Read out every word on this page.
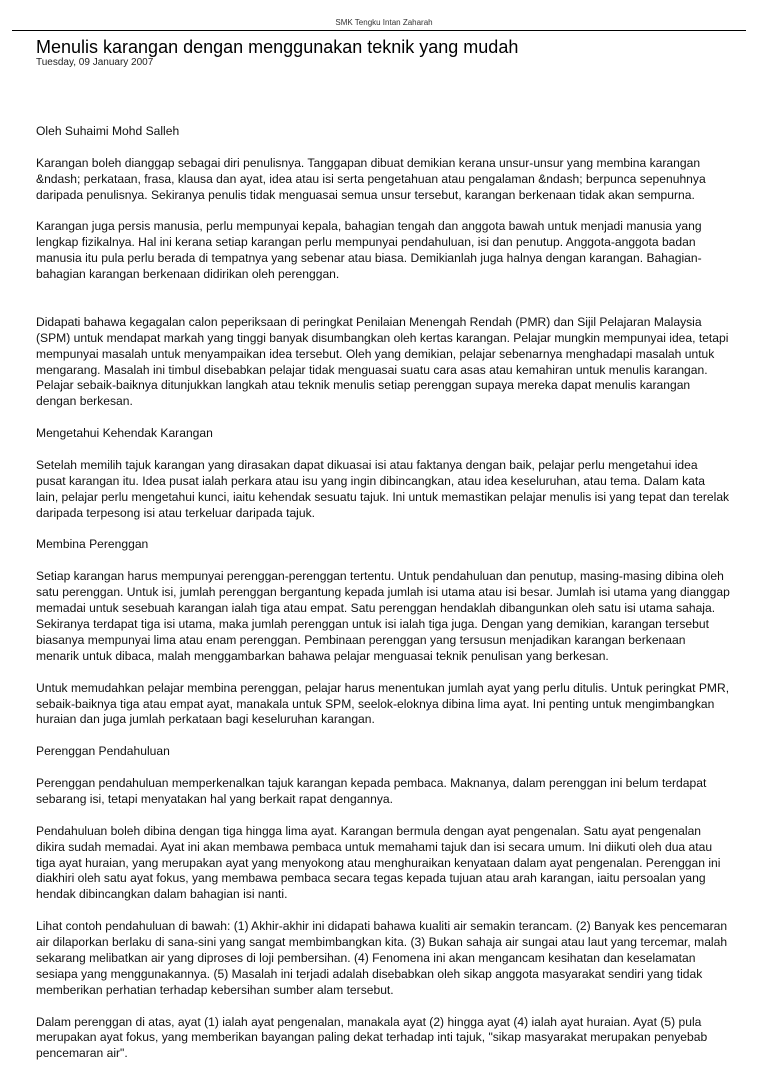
SMK Tengku Intan Zaharah
Menulis karangan dengan menggunakan teknik yang mudah
Tuesday, 09 January 2007

Oleh Suhaimi Mohd Salleh

Karangan boleh dianggap sebagai diri penulisnya. Tanggapan dibuat demikian kerana unsur-unsur yang membina karangan &ndash; perkataan, frasa, klausa dan ayat, idea atau isi serta pengetahuan atau pengalaman &ndash; berpunca sepenuhnya daripada penulisnya. Sekiranya penulis tidak menguasai semua unsur tersebut, karangan berkenaan tidak akan sempurna.

Karangan juga persis manusia, perlu mempunyai kepala, bahagian tengah dan anggota bawah untuk menjadi manusia yang lengkap fizikalnya. Hal ini kerana setiap karangan perlu mempunyai pendahuluan, isi dan penutup. Anggota-anggota badan manusia itu pula perlu berada di tempatnya yang sebenar atau biasa. Demikianlah juga halnya dengan karangan. Bahagian-bahagian karangan berkenaan didirikan oleh perenggan.

Didapati bahawa kegagalan calon peperiksaan di peringkat Penilaian Menengah Rendah (PMR) dan Sijil Pelajaran Malaysia (SPM) untuk mendapat markah yang tinggi banyak disumbangkan oleh kertas karangan. Pelajar mungkin mempunyai idea, tetapi mempunyai masalah untuk menyampaikan idea tersebut. Oleh yang demikian, pelajar sebenarnya menghadapi masalah untuk mengarang. Masalah ini timbul disebabkan pelajar tidak menguasai suatu cara asas atau kemahiran untuk menulis karangan. Pelajar sebaik-baiknya ditunjukkan langkah atau teknik menulis setiap perenggan supaya mereka dapat menulis karangan dengan berkesan.

Mengetahui Kehendak Karangan

Setelah memilih tajuk karangan yang dirasakan dapat dikuasai isi atau faktanya dengan baik, pelajar perlu mengetahui idea pusat karangan itu. Idea pusat ialah perkara atau isu yang ingin dibincangkan, atau idea keseluruhan, atau tema. Dalam kata lain, pelajar perlu mengetahui kunci, iaitu kehendak sesuatu tajuk. Ini untuk memastikan pelajar menulis isi yang tepat dan terelak daripada terpesong isi atau terkeluar daripada tajuk.

Membina Perenggan

Setiap karangan harus mempunyai perenggan-perenggan tertentu. Untuk pendahuluan dan penutup, masing-masing dibina oleh satu perenggan. Untuk isi, jumlah perenggan bergantung kepada jumlah isi utama atau isi besar. Jumlah isi utama yang dianggap memadai untuk sesebuah karangan ialah tiga atau empat. Satu perenggan hendaklah dibangunkan oleh satu isi utama sahaja. Sekiranya terdapat tiga isi utama, maka jumlah perenggan untuk isi ialah tiga juga. Dengan yang demikian, karangan tersebut biasanya mempunyai lima atau enam perenggan. Pembinaan perenggan yang tersusun menjadikan karangan berkenaan menarik untuk dibaca, malah menggambarkan bahawa pelajar menguasai teknik penulisan yang berkesan.

Untuk memudahkan pelajar membina perenggan, pelajar harus menentukan jumlah ayat yang perlu ditulis. Untuk peringkat PMR, sebaik-baiknya tiga atau empat ayat, manakala untuk SPM, seelok-eloknya dibina lima ayat. Ini penting untuk mengimbangkan huraian dan juga jumlah perkataan bagi keseluruhan karangan.

Perenggan Pendahuluan

Perenggan pendahuluan memperkenalkan tajuk karangan kepada pembaca. Maknanya, dalam perenggan ini belum terdapat sebarang isi, tetapi menyatakan hal yang berkait rapat dengannya.

Pendahuluan boleh dibina dengan tiga hingga lima ayat. Karangan bermula dengan ayat pengenalan. Satu ayat pengenalan dikira sudah memadai. Ayat ini akan membawa pembaca untuk memahami tajuk dan isi secara umum. Ini diikuti oleh dua atau tiga ayat huraian, yang merupakan ayat yang menyokong atau menghuraikan kenyataan dalam ayat pengenalan. Perenggan ini diakhiri oleh satu ayat fokus, yang membawa pembaca secara tegas kepada tujuan atau arah karangan, iaitu persoalan yang hendak dibincangkan dalam bahagian isi nanti.

Lihat contoh pendahuluan di bawah: (1) Akhir-akhir ini didapati bahawa kualiti air semakin terancam. (2) Banyak kes pencemaran air dilaporkan berlaku di sana-sini yang sangat membimbangkan kita. (3) Bukan sahaja air sungai atau laut yang tercemar, malah sekarang melibatkan air yang diproses di loji pembersihan. (4) Fenomena ini akan mengancam kesihatan dan keselamatan sesiapa yang menggunakannya. (5) Masalah ini terjadi adalah disebabkan oleh sikap anggota masyarakat sendiri yang tidak memberikan perhatian terhadap kebersihan sumber alam tersebut.

Dalam perenggan di atas, ayat (1) ialah ayat pengenalan, manakala ayat (2) hingga ayat (4) ialah ayat huraian. Ayat (5) pula merupakan ayat fokus, yang memberikan bayangan paling dekat terhadap inti tajuk, "sikap masyarakat merupakan penyebab pencemaran air".
